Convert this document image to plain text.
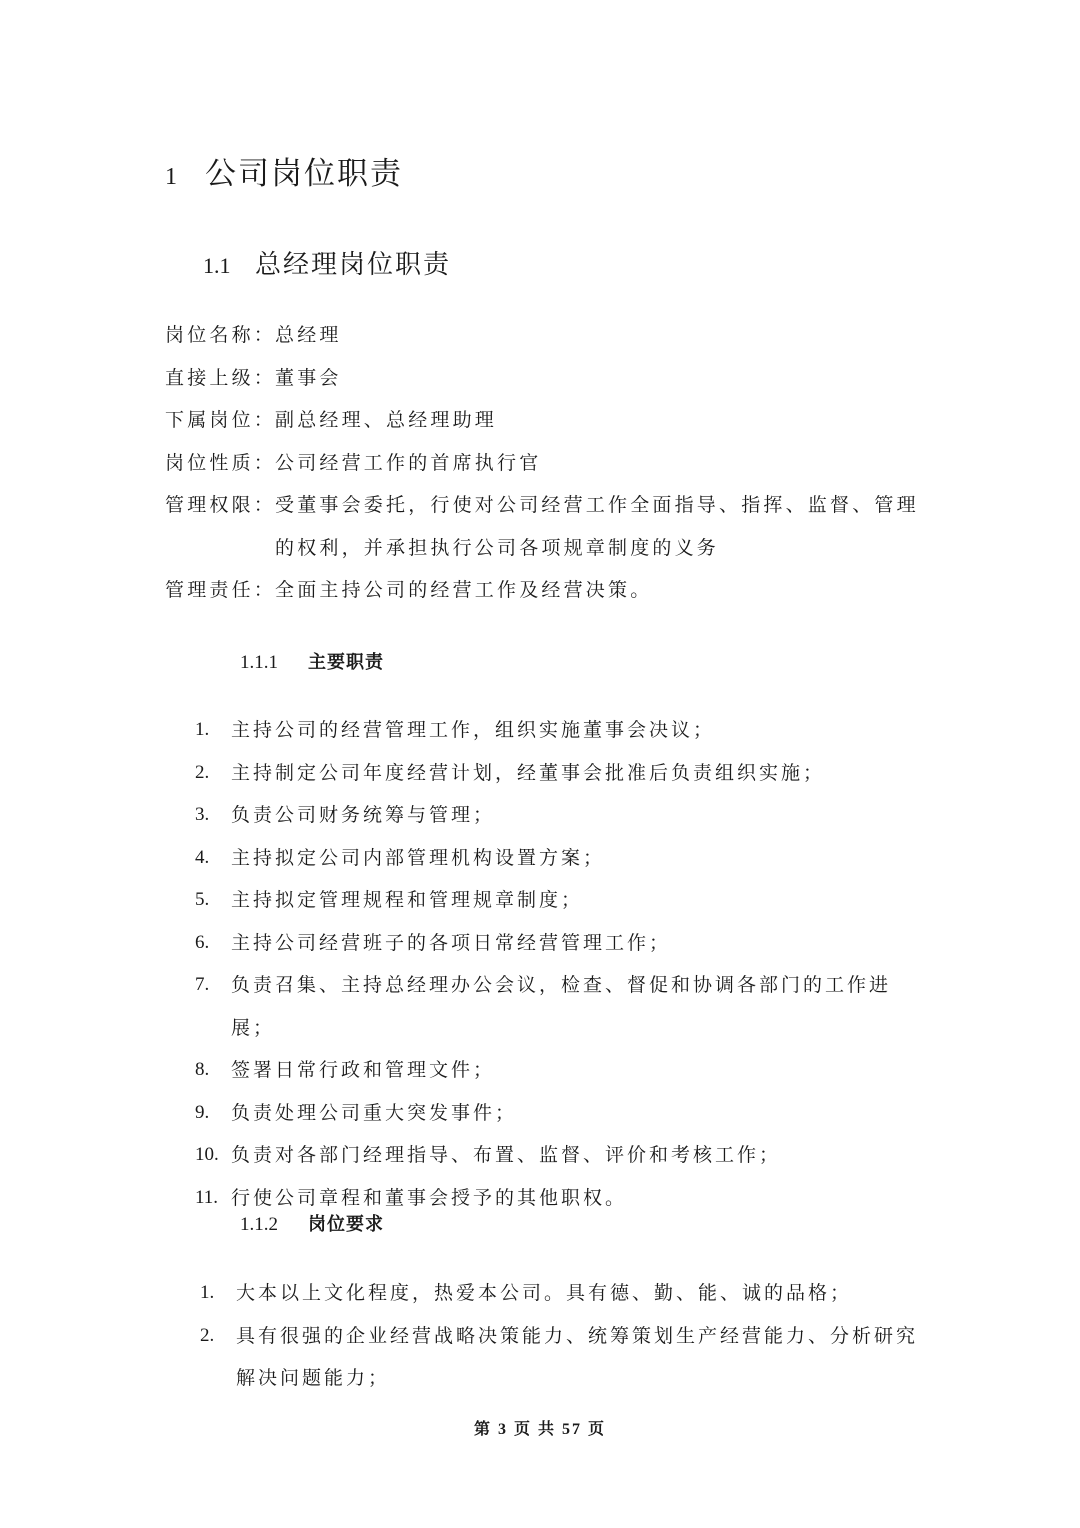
1 公司岗位职责
1.1 总经理岗位职责
岗位名称：
总经理
直接上级：
董事会
下属岗位：
副总经理、总经理助理
岗位性质：
公司经营工作的首席执行官
管理权限：
受董事会委托，行使对公司经营工作全面指导、指挥、监督、管理的权利，并承担执行公司各项规章制度的义务
管理责任：
全面主持公司的经营工作及经营决策。
1.1.1	主要职责
1.	主持公司的经营管理工作，组织实施董事会决议；
2.	主持制定公司年度经营计划，经董事会批准后负责组织实施；
3.	负责公司财务统筹与管理；
4.	主持拟定公司内部管理机构设置方案；
5.	主持拟定管理规程和管理规章制度；
6.	主持公司经营班子的各项日常经营管理工作；
7.	负责召集、主持总经理办公会议，检查、督促和协调各部门的工作进展；
8.	签署日常行政和管理文件；
9.	负责处理公司重大突发事件；
10. 负责对各部门经理指导、布置、监督、评价和考核工作；
11. 行使公司章程和董事会授予的其他职权。
1.1.2	岗位要求
1.	大本以上文化程度，热爱本公司。具有德、勤、能、诚的品格；
2.	具有很强的企业经营战略决策能力、统筹策划生产经营能力、分析研究解决问题能力；
第 3 页 共 57 页
